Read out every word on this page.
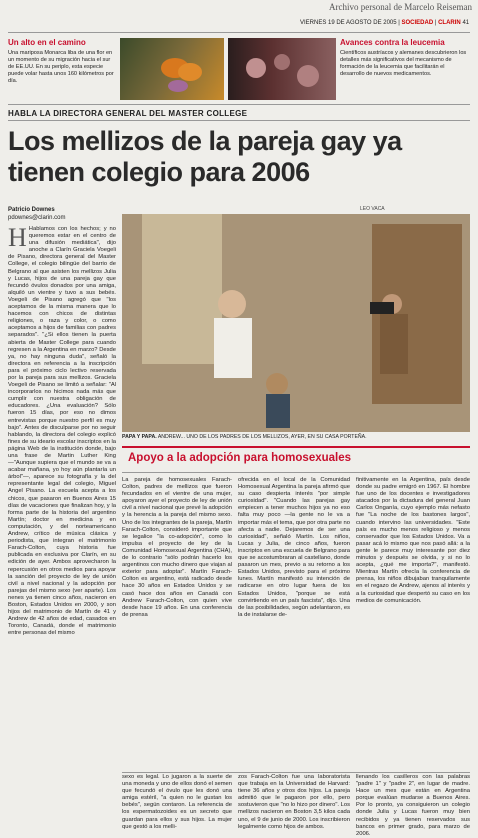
Archivo personal de Marcelo Reiseman
VIERNES 19 DE AGOSTO DE 2005 | SOCIEDAD | CLARIN 41
Un alto en el camino
Una mariposa Monarca liba de una flor en un momento de su migración hacia el sur de EE.UU. En su periplo, esta especie puede volar hasta unos 160 kilómetros por día.
Avances contra la leucemia
Científicos austríacos y alemanes descubrieron los detalles más significativos del mecanismo de formación de la leucemia que facilitarán el desarrollo de nuevos medicamentos.
HABLA LA DIRECTORA GENERAL DEL MASTER COLLEGE
Los mellizos de la pareja gay ya tienen colegio para 2006
Patricio Downes
pdownes@clarin.com
H Hablamos con los hechos; y no queremos estar en el centro de una difusión mediática", dijo anoche a Clarín Graciela Voegeli de Pisano, directora general del Master College, el colegio bilingüe del barrio de Belgrano al que asisten los mellizos Julia y Lucas, hijos de una pareja gay que fecundó óvulos donados por una amiga, alquiló un vientre y tuvo a sus bebés. Voegeli de Pisano agregó que "los aceptamos de la misma manera que lo hacemos con chicos de distintas religiones, o raza y color, o como aceptamos a hijos de familias con padres separados". "¿Si ellos tienen la puerta abierta de Master College para cuando regresen a la Argentina en marzo? Desde ya, no hay ninguna duda", señaló la directora en referencia a la inscripción para el próximo ciclo lectivo reservada por la pareja para sus mellizos. Graciela Voegeli de Pisano se limitó a señalar: "Al incorporarlos no hicimos nada más que cumplir con nuestra obligación de educadores. ¿Una evaluación? Sólo fueron 15 días, por eso no dimos entrevistas porque nuestro perfil es muy bajo". Antes de disculparse por no seguir hablando, la directora del colegio explicó fines de su ideario escolar inscriptos en la página Web de la institución donde, bajo una frase de Martin Luther King —"Aunque supiera que el mundo se va a acabar mañana, yo hoy aún plantaría un árbol"—, aparece su fotografía y la del representante legal del colegio, Miguel Angel Pisano. La escuela acepta a los chicos, que pasaron en Buenos Aires 15 días de vacaciones que finalizan hoy, y la forma parte de la historia del argentino Martín; doctor en medicina y en computación, y del norteamericano Andrew, crítico de música clásica y periodista, que integran el matrimonio Farach-Colton, cuya historia fue publicada en exclusiva por Clarín, en su edición de ayer. Ambos aprovecharon la repercusión en otros medios para apoyar la sanción del proyecto de ley de unión civil a nivel nacional y la adopción por parejas del mismo sexo (ver aparte). Los nenes ya tienen cinco años, nacieron en Boston, Estados Unidos en 2000, y son hijos del matrimonio de Martín de 41 y Andrew de 42 años de edad, casados en Toronto, Canadá, donde el matrimonio entre personas del mismo
LEO VACA
PAPA Y PAPA. ANDREW... UNO DE LOS PADRES DE LOS MELLIZOS, AYER, EN SU CASA PORTEÑA.
Apoyo a la adopción para homosexuales
La pareja de homosexuales Farach-Colton, padres de mellizos que fueron fecundados en el vientre de una mujer, apoyaron ayer el proyecto de ley de unión civil a nivel nacional que prevé la adopción y la herencia a la pareja del mismo sexo. Uno de los integrantes de la pareja, Martín Farach-Colton, consideró importante que se legalice "la co-adopción", como lo impulsa el proyecto de ley de la Comunidad Homosexual Argentina (CHA), de lo contrario "sólo podrán hacerlo los argentinos con mucho dinero que viajan al exterior para adoptar". Martín Farach-Colton es argentino, está radicado desde hace 30 años en Estados Unidos y se casó hace dos años en Canadá con Andrew Farach-Colton, con quien vive desde hace 19 años. En una conferencia de prensa
ofrecida en el local de la Comunidad Homosexual Argentina la pareja afirmó que su caso despierta interés "por simple curiosidad". "Cuando las parejas gay empiecen a tener muchos hijos ya no eso falta muy poco —la gente no le va a importar más el tema, que por otra parte no afecta a nadie. Dejaremos de ser una curiosidad", señaló Martín. Los niños, Lucas y Julia, de cinco años, fueron inscriptos en una escuela de Belgrano para que se acostumbraran al castellano, donde pasaron un mes, previo a su retorno a los Estados Unidos, previsto para el próximo lunes. Martín manifestó su intención de radicarse en otro lugar fuera de los Estados Unidos, "porque se está convirtiendo en un país fascista", dijo. Una de las posibilidades, según adelantaron, es la de instalarse de-
finitivamente en la Argentina, país desde donde su padre emigró en 1967. El hombre fue uno de los docentes e investigadores atacados por la dictadura del general Juan Carlos Onganía, cuyo ejemplo más nefasto fue "La noche de los bastones largos", cuando intervino las universidades. "Este país es mucho menos religioso y menos conservador que los Estados Unidos. Va a pasar acá lo mismo que nos pasó allá: a la gente le parece muy interesante por diez minutos y después se olvida, y si no lo acepta, ¿qué me importa?", manifestó. Mientras Martín ofrecía la conferencia de prensa, los niños dibujaban tranquilamente en el regazo de Andrew, ajenos al interés y a la curiosidad que despertó su caso en los medios de comunicación.
sexo es legal. Lo jugaron a la suerte de una moneda y uno de ellos donó el semen que fecundó el óvulo que les donó una amiga estéril, "a quien no le gustan los bebés", según contaron. La referencia de los espermatozoides es un secreto que guardan para ellos y sus hijos. La mujer que gestó a los melli-
zos Farach-Colton fue una laboratorista que trabaja en la Universidad de Harvard: tiene 36 años y otros dos hijos. La pareja admitió que le pagaron por ello, pero sostuvieron que "no lo hizo por dinero". Los mellizos nacieron en Boston 3,5 kilos cada uno, el 9 de junio de 2000. Los inscribieron legalmente como hijos de ambos.
llenando los casilleros con las palabras "padre 1" y "padre 2", en lugar de madre. Hace un mes que están en Argentina porque evalúan mudarse a Buenos Aires. Por lo pronto, ya consiguieron un colegio donde Julia y Lucas fueron muy bien recibidos y ya tienen reservados sus bancos en primer grado, para marzo de 2006.
